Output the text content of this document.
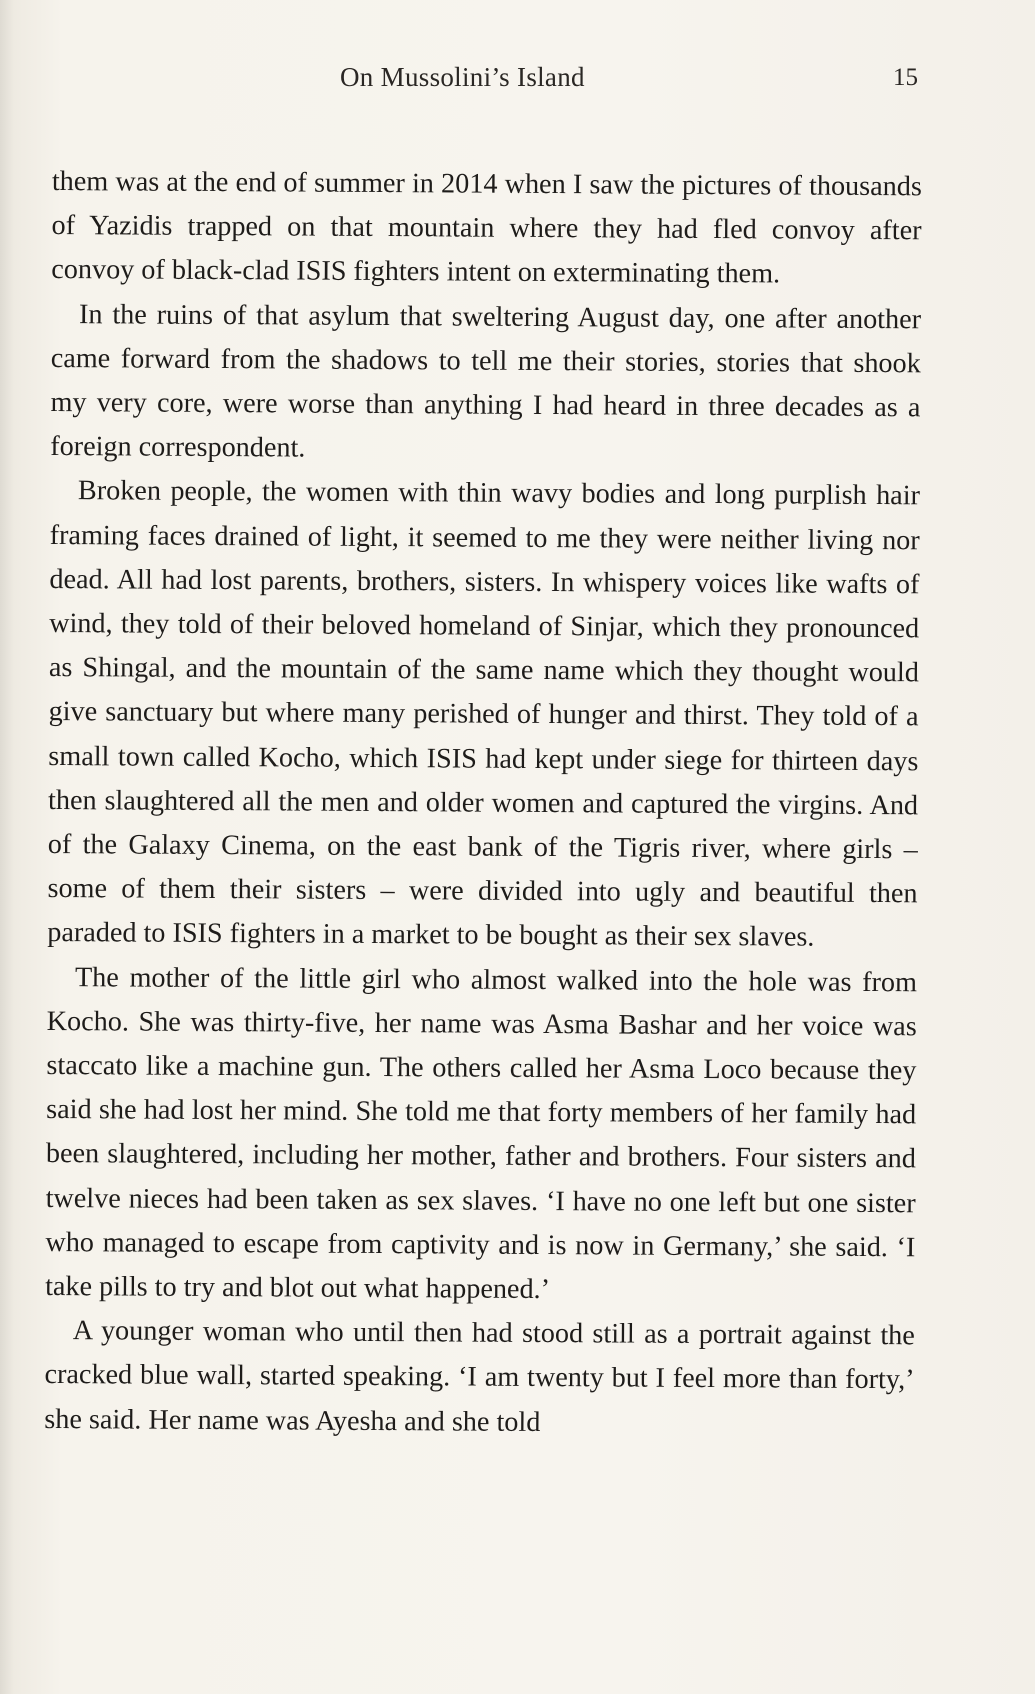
On Mussolini’s Island	15

them was at the end of summer in 2014 when I saw the pictures of thousands of Yazidis trapped on that mountain where they had fled convoy after convoy of black-clad ISIS fighters intent on exterminating them.

In the ruins of that asylum that sweltering August day, one after another came forward from the shadows to tell me their stories, stories that shook my very core, were worse than anything I had heard in three decades as a foreign correspondent.

Broken people, the women with thin wavy bodies and long purplish hair framing faces drained of light, it seemed to me they were neither living nor dead. All had lost parents, brothers, sisters. In whispery voices like wafts of wind, they told of their beloved homeland of Sinjar, which they pronounced as Shingal, and the mountain of the same name which they thought would give sanctuary but where many perished of hunger and thirst. They told of a small town called Kocho, which ISIS had kept under siege for thirteen days then slaughtered all the men and older women and captured the virgins. And of the Galaxy Cinema, on the east bank of the Tigris river, where girls – some of them their sisters – were divided into ugly and beautiful then paraded to ISIS fighters in a market to be bought as their sex slaves.

The mother of the little girl who almost walked into the hole was from Kocho. She was thirty-five, her name was Asma Bashar and her voice was staccato like a machine gun. The others called her Asma Loco because they said she had lost her mind. She told me that forty members of her family had been slaughtered, including her mother, father and brothers. Four sisters and twelve nieces had been taken as sex slaves. ‘I have no one left but one sister who managed to escape from captivity and is now in Germany,’ she said. ‘I take pills to try and blot out what happened.’

A younger woman who until then had stood still as a portrait against the cracked blue wall, started speaking. ‘I am twenty but I feel more than forty,’ she said. Her name was Ayesha and she told
